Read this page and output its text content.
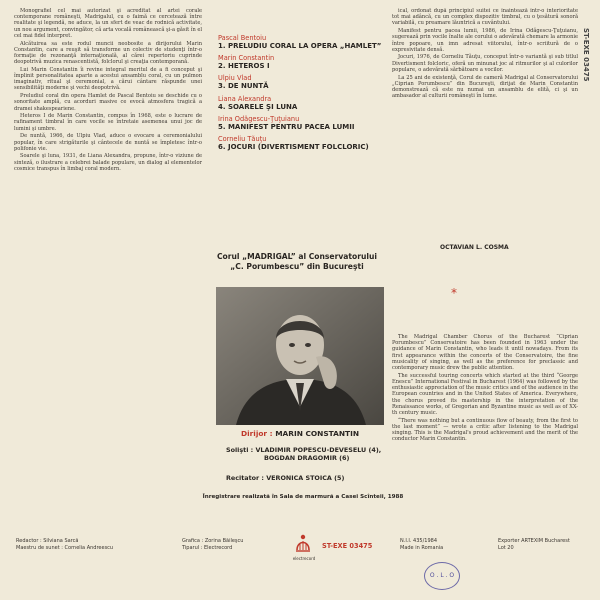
Monografiel cel mai autorizat şi acreditat al artei corale contemporane româneşti, Madrigalul, cu o faimă ce cercetează între realitate şi legendă, ne aduce, la un sfert de veac de rodnică activitate, un nou argument, convingător, că arta vocală românească şi-a găsit în el cel mai fidel interpret.

Alcătuirea sa este rodul muncii neobosite a dirijorului Marin Constantin, care a reuşit să transforme un colectiv de studenţi într-o formaţie de rezonanţă internaţională, al cărei repertoriu cuprinde deopotrivă muzica renascentistă, folclorul şi creaţia contemporană.

Lui Marin Constantin îi revine integral meritul de a fi conceput şi împlinit personalitatea aparte a acestui ansamblu coral, cu un pulmon imaginativ, ritual şi ceremonial, a cărui cântare răspunde unei sensibilităţi moderne şi vechi deopotrivă.

Preludiul coral din opera Hamlet de Pascal Bentoiu se deschide cu o sonoritate amplă, cu acorduri masive ce evocă atmosfera tragică a dramei shakespeariene.

Heteros I de Marin Constantin, compus în 1968, este o lucrare de rafinament timbral în care vocile se întretaie asemenea unui joc de lumini şi umbre.

De nuntă, 1966, de Ulpiu Vlad, aduce o evocare a ceremonialului popular, în care strigăturile şi cântecele de nuntă se împletesc într-o polifonie vie.

Soarele şi luna, 1931, de Liana Alexandra, propune, într-o viziune de sinteză, o ilustrare a celebrei balade populare, un dialog al elementelor cosmice transpus în limbaj coral modern.

Pascal Bentoiu
1. PRELUDIU CORAL LA OPERA „HAMLET”
Marin Constantin
2. HETEROS I
Ulpiu Vlad
3. DE NUNTĂ
Liana Alexandra
4. SOARELE ŞI LUNA
Irina Odăgescu-Ţuţuianu
5. MANIFEST PENTRU PACEA LUMII
Corneliu Tăuţu
6. JOCURI (DIVERTISMENT FOLCLORIC)
Corul „MADRIGAL” al Conservatorului
„C. Porumbescu” din Bucureşti
Dirijor : MARIN CONSTANTIN
Solişti : VLADIMIR POPESCU-DEVESELU (4),
BOGDAN DRAGOMIR (6)
Recitator : VERONICA STOICA (5)
Înregistrare realizată în Sala de marmură a Casei Scînteii, 1988

ical, ordonat după principiul suitei ce înaintează într-o interioritate tot mai adâncă, cu un complex dispozitiv timbral, cu o ţesătură sonoră variabilă, cu preamare lăuntrică a cuvântului.

Manifest pentru pacea lumii, 1986, de Irina Odăgescu-Ţuţuianu, sugerează prin vocile înalte ale corului o adevărată chemare la armonie între popoare, un imn adresat viitorului, într-o scriitură de o expresivitate densă.

Jocuri, 1976, de Corneliu Tăuţu, conceput într-o variantă şi sub titlul Divertisment folcloric, oferă un minunat joc al ritmurilor şi al culorilor populare, o adevărată sărbătoare a vocilor.

La 25 ani de existenţă, Corul de cameră Madrigal al Conservatorului „Ciprian Porumbescu” din Bucureşti, dirijat de Marin Constantin demonstrează că este nu numai un ansamblu de elită, ci şi un ambasador al culturii româneşti în lume.

OCTAVIAN L. COSMA
*

The Madrigal Chamber Chorus of the Bucharest “Ciprian Porumbescu” Conservatoire has been founded in 1963 under the guidance of Marin Constantin, who leads it until nowadays. From its first appearance within the concerts of the Conservatoire, the fine musicality of singing, as well as the preference for preclassic and contemporary music drew the public attention.

The successful touring concerts which started at the third “George Enescu” International Festival in Bucharest (1964) was followed by the enthusiastic appreciation of the music critics and of the audience in the European countries and in the United States of America. Everywhere, the chorus proved its mastership in the interpretation of the Renaissance works, of Gregorian and Byzantine music as well as of XX-th century music.

“There was nothing but a continuous flow of beauty, from the first to the last moment” — wrote a critic after listening to the Madrigal singing. This is the Madrigal's proud achievement and the merit of the conductor Marin Constantin.

ST-EXE 03475
Redactor : Silviana Sarcă
Maestru de sunet : Cornelia Andreescu
Grafica : Zorina Băileşcu
Tiparul : Electrecord
electrecord
ST-EXE 03475
N.I.I. 435/1984
Made in Romania
Exporter ARTEXIM Bucharest
Lot 20
O . L . O
